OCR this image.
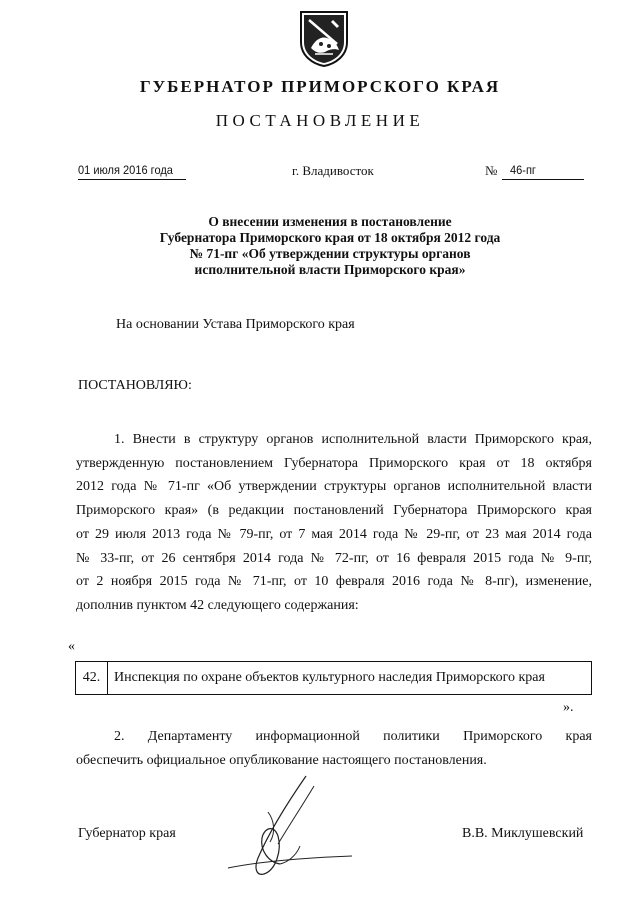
ГУБЕРНАТОР ПРИМОРСКОГО КРАЯ
ПОСТАНОВЛЕНИЕ
01 июля 2016 года	г. Владивосток	№ 46-пг
О внесении изменения в постановление
Губернатора Приморского края от 18 октября 2012 года
№ 71-пг «Об утверждении структуры органов
исполнительной власти Приморского края»
На основании Устава Приморского края
ПОСТАНОВЛЯЮ:
1. Внести в структуру органов исполнительной власти Приморского края,
утвержденную постановлением Губернатора Приморского края от 18 октября
2012 года № 71-пг «Об утверждении структуры органов исполнительной власти
Приморского края» (в редакции постановлений Губернатора Приморского края
от 29 июля 2013 года № 79-пг, от 7 мая 2014 года № 29-пг, от 23 мая 2014 года
№ 33-пг, от 26 сентября 2014 года № 72-пг, от 16 февраля 2015 года № 9-пг,
от 2 ноября 2015 года № 71-пг, от 10 февраля 2016 года № 8-пг), изменение,
дополнив пунктом 42 следующего содержания:
«
42. Инспекция по охране объектов культурного наследия Приморского края
».
2. Департаменту информационной политики Приморского края
обеспечить официальное опубликование настоящего постановления.
Губернатор края	В.В. Миклушевский
